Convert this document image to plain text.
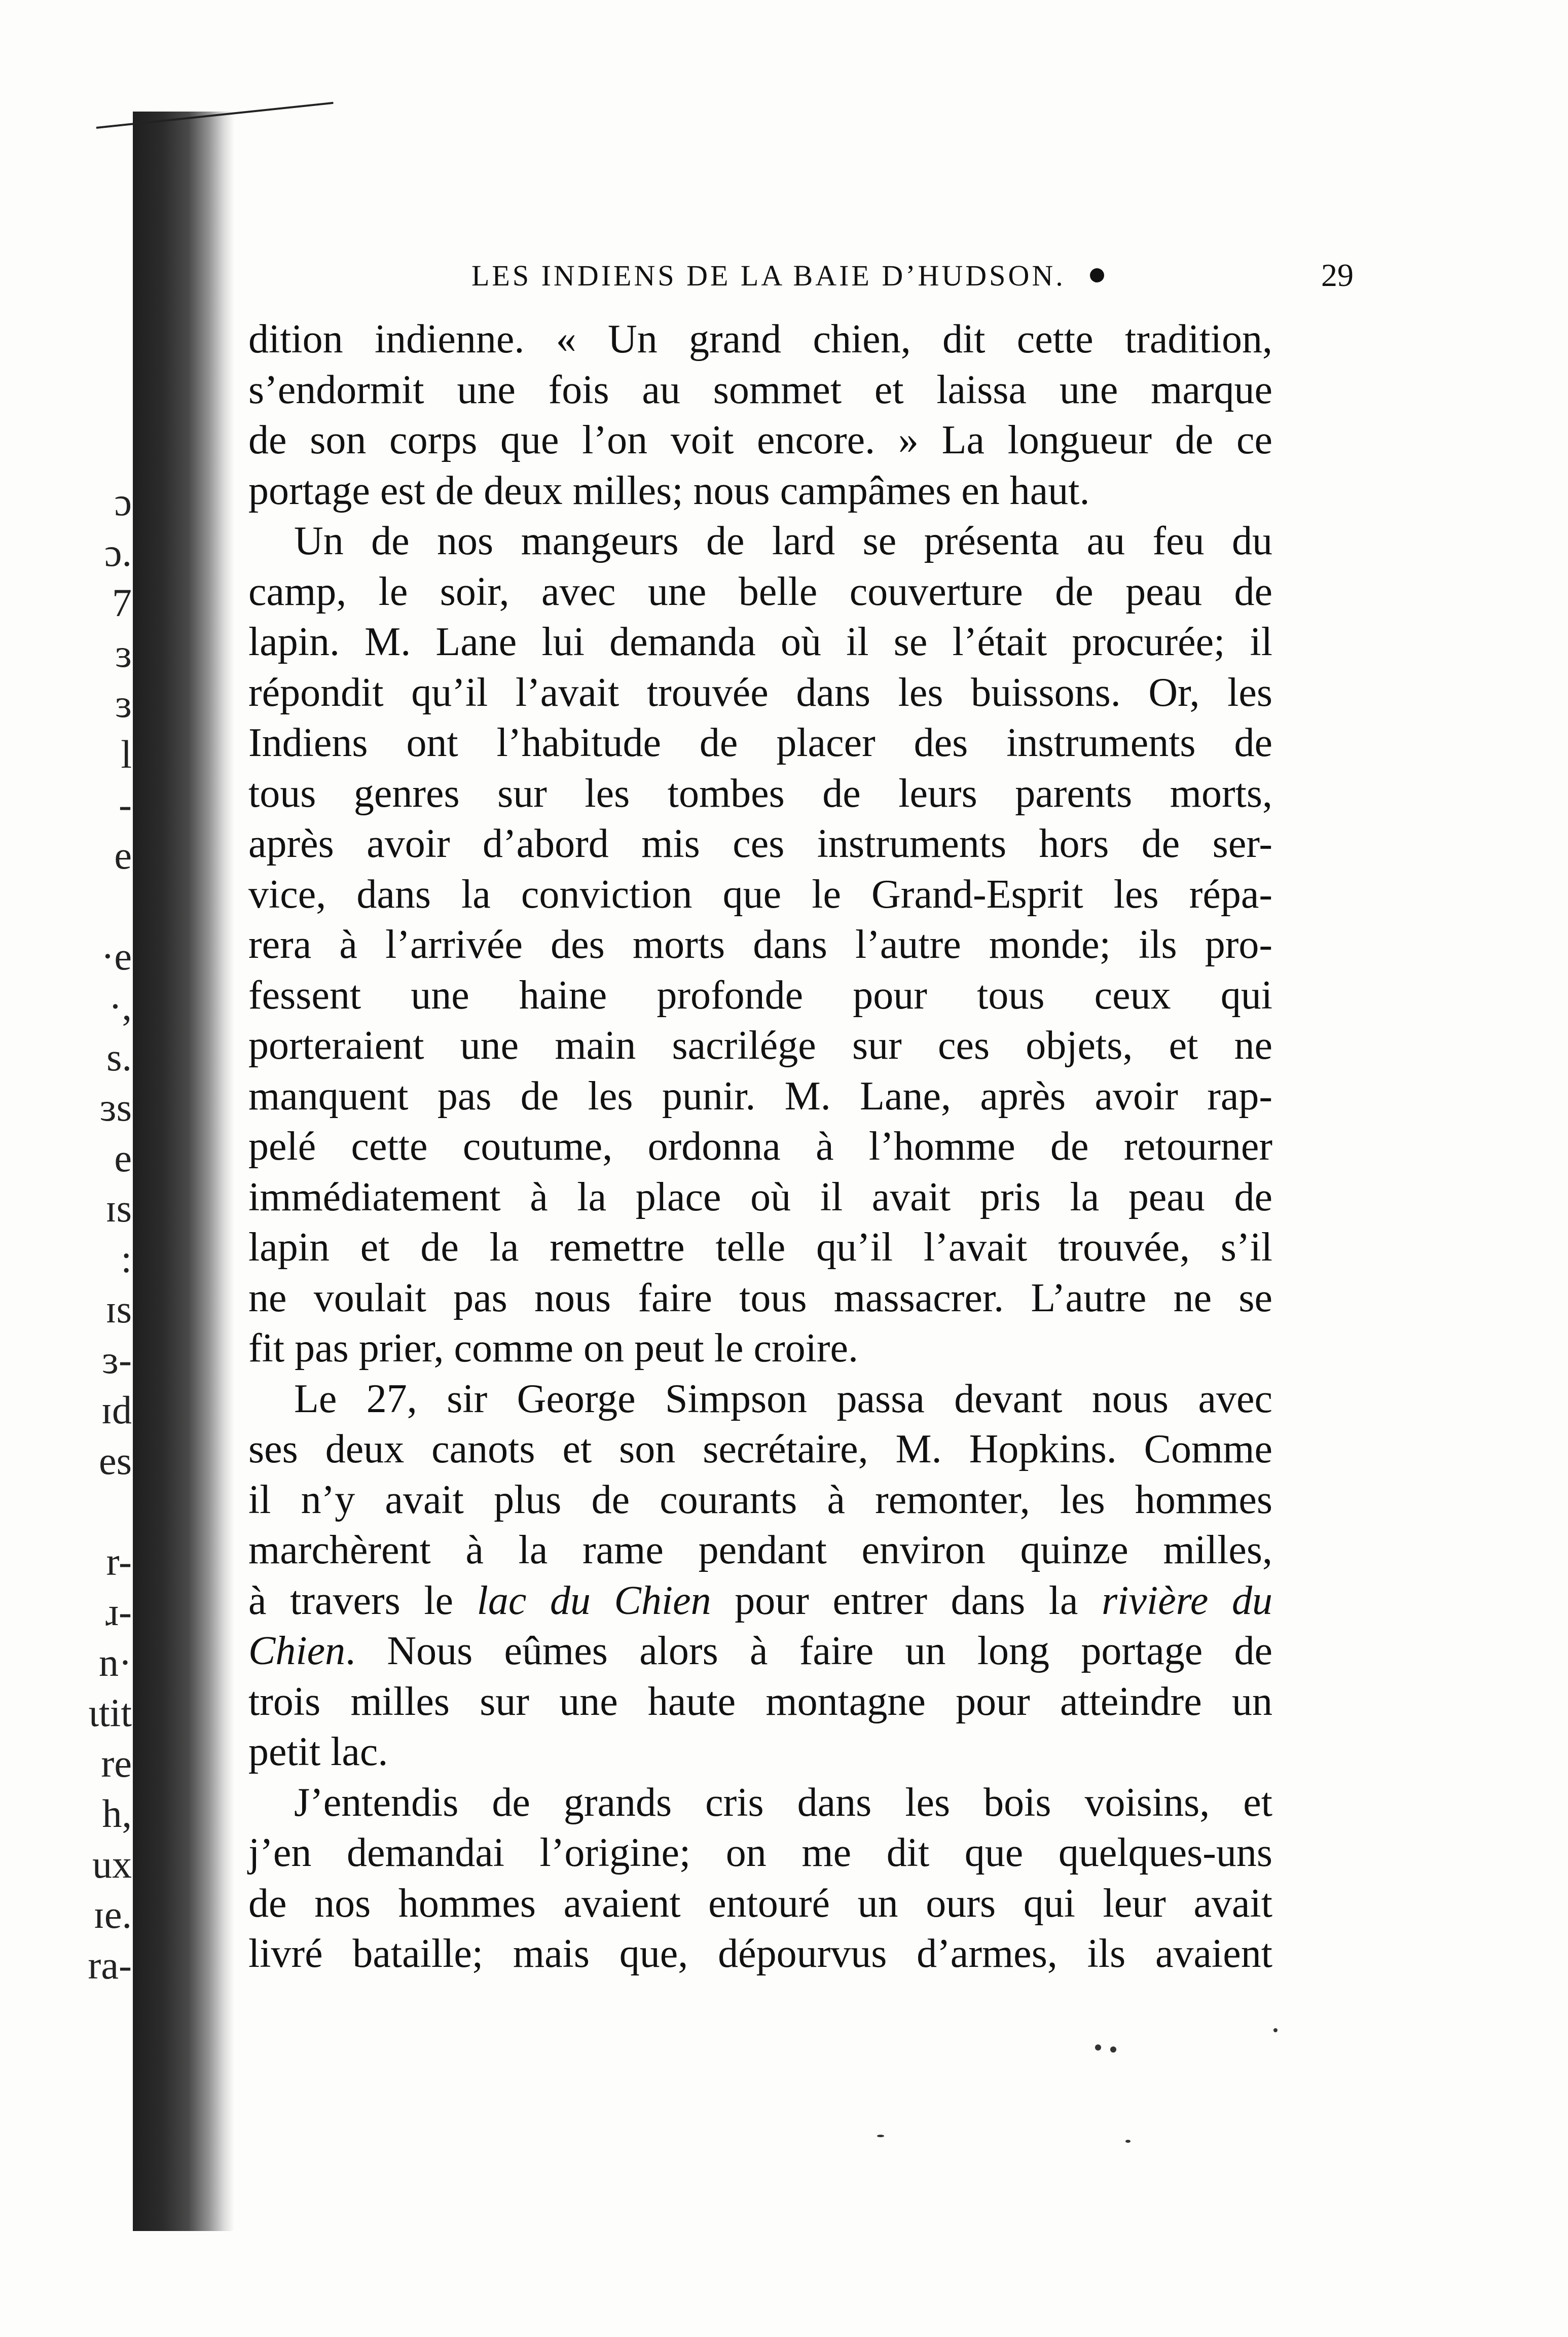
ɔ
ɔ.
7
ɜ
ɜ
l
-
e
·e
·,
s.
ɜs
e
ɪs
:
ɪs
ɜ-
ɪd
es
r-
ɹ-
n·
ɩtit
re
h,
ux
ɪe.
ra-
LES INDIENS DE LA BAIE D’HUDSON.	29
dition indienne. « Un grand chien, dit cette tradition,
s’endormit une fois au sommet et laissa une marque
de son corps que l’on voit encore. » La longueur de ce
portage est de deux milles; nous campâmes en haut.
Un de nos mangeurs de lard se présenta au feu du
camp, le soir, avec une belle couverture de peau de
lapin. M. Lane lui demanda où il se l’était procurée; il
répondit qu’il l’avait trouvée dans les buissons. Or, les
Indiens ont l’habitude de placer des instruments de
tous genres sur les tombes de leurs parents morts,
après avoir d’abord mis ces instruments hors de ser-
vice, dans la conviction que le Grand-Esprit les répa-
rera à l’arrivée des morts dans l’autre monde; ils pro-
fessent une haine profonde pour tous ceux qui
porteraient une main sacrilége sur ces objets, et ne
manquent pas de les punir. M. Lane, après avoir rap-
pelé cette coutume, ordonna à l’homme de retourner
immédiatement à la place où il avait pris la peau de
lapin et de la remettre telle qu’il l’avait trouvée, s’il
ne voulait pas nous faire tous massacrer. L’autre ne se
fit pas prier, comme on peut le croire.
Le 27, sir George Simpson passa devant nous avec
ses deux canots et son secrétaire, M. Hopkins. Comme
il n’y avait plus de courants à remonter, les hommes
marchèrent à la rame pendant environ quinze milles,
à travers le lac du Chien pour entrer dans la rivière du
Chien. Nous eûmes alors à faire un long portage de
trois milles sur une haute montagne pour atteindre un
petit lac.
J’entendis de grands cris dans les bois voisins, et
j’en demandai l’origine; on me dit que quelques-uns
de nos hommes avaient entouré un ours qui leur avait
livré bataille; mais que, dépourvus d’armes, ils avaient
